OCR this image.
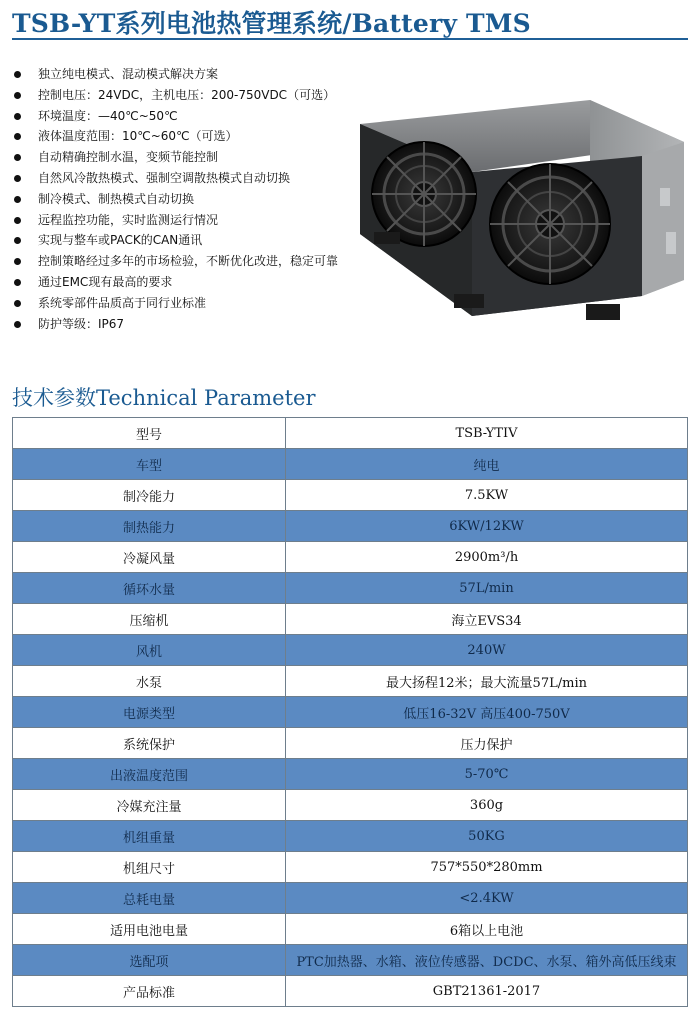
TSB-YT系列电池热管理系统/Battery TMS
独立纯电模式、混动模式解决方案
控制电压：24VDC，主机电压：200-750VDC（可选）
环境温度：—40℃~50℃
液体温度范围：10℃~60℃（可选）
自动精确控制水温，变频节能控制
自然风冷散热模式、强制空调散热模式自动切换
制冷模式、制热模式自动切换
远程监控功能，实时监测运行情况
实现与整车或PACK的CAN通讯
控制策略经过多年的市场检验，不断优化改进，稳定可靠
通过EMC现有最高的要求
系统零部件品质高于同行业标准
防护等级：IP67
技术参数Technical Parameter
型号	TSB-YTIV
车型	纯电
制冷能力	7.5KW
制热能力	6KW/12KW
冷凝风量	2900m³/h
循环水量	57L/min
压缩机	海立EVS34
风机	240W
水泵	最大扬程12米；最大流量57L/min
电源类型	低压16-32V 高压400-750V
系统保护	压力保护
出液温度范围	5-70℃
冷媒充注量	360g
机组重量	50KG
机组尺寸	757*550*280mm
总耗电量	<2.4KW
适用电池电量	6箱以上电池
选配项	PTC加热器、水箱、液位传感器、DCDC、水泵、箱外高低压线束
产品标准	GBT21361-2017
